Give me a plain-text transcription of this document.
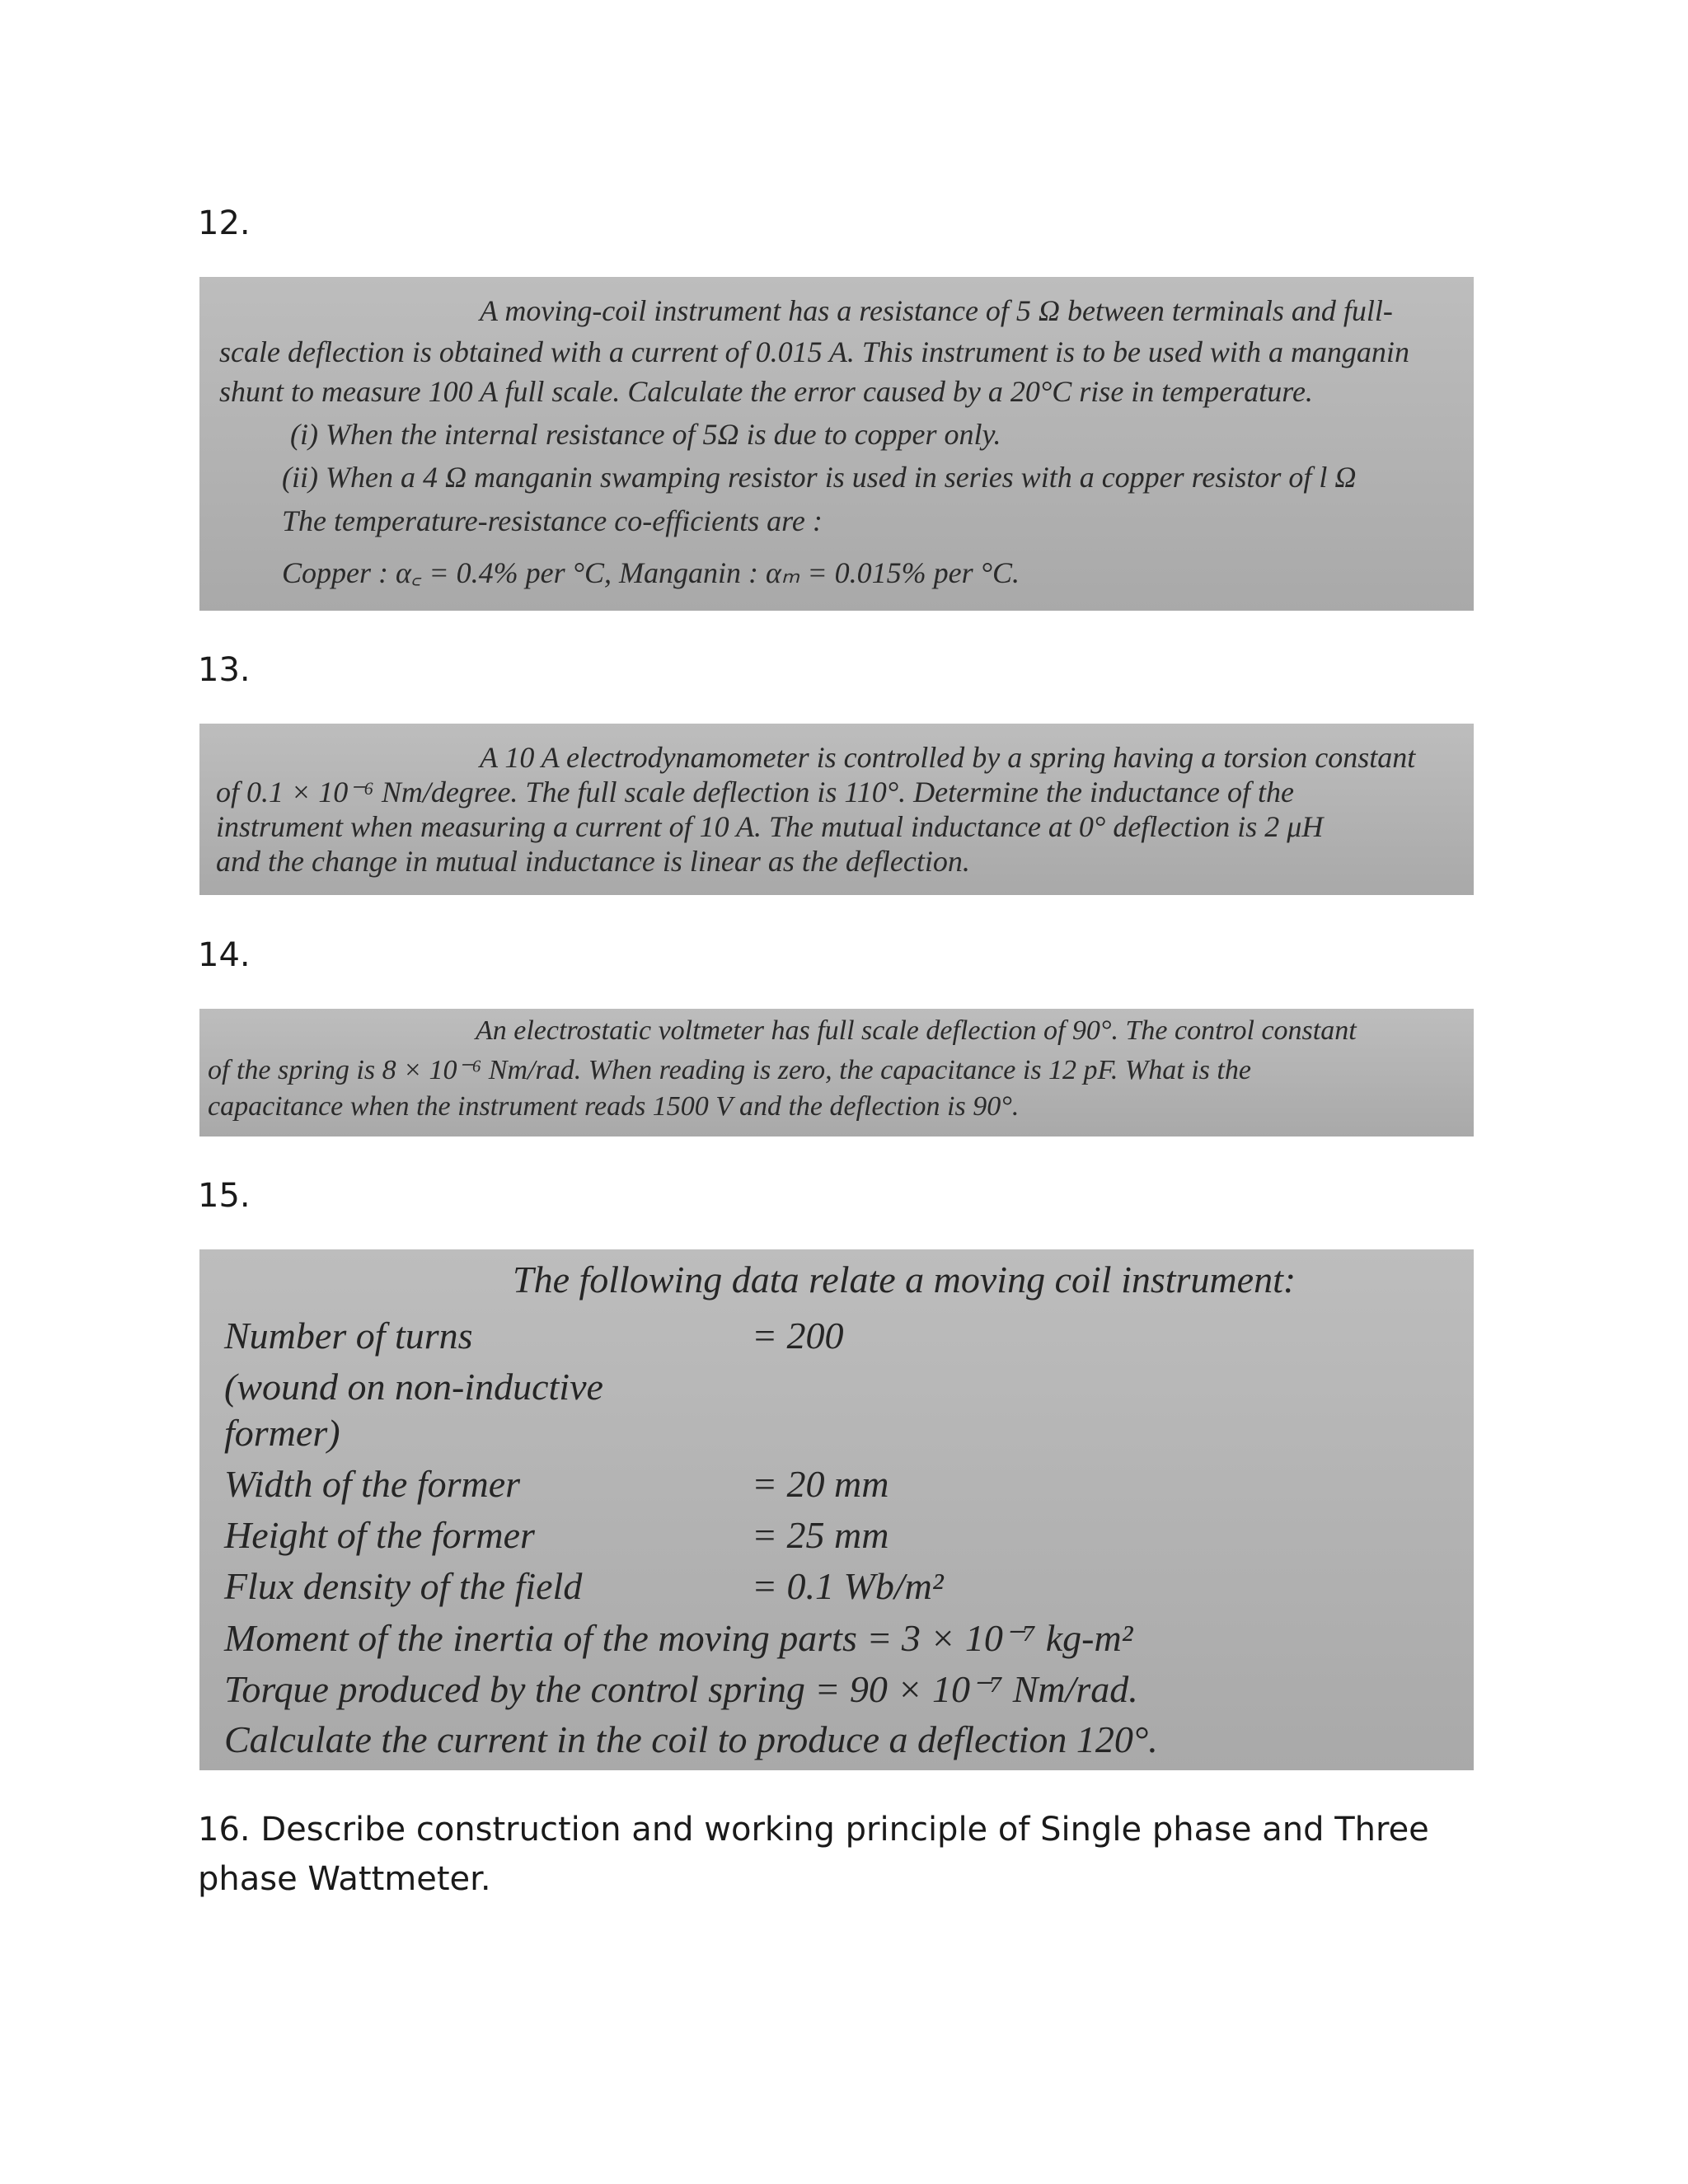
12.
A moving-coil instrument has a resistance of 5 Ω between terminals and full-
scale deflection is obtained with a current of 0.015 A. This instrument is to be used with a manganin
shunt to measure 100 A full scale. Calculate the error caused by a 20°C rise in temperature.
(i) When the internal resistance of 5Ω is due to copper only.
(ii) When a 4 Ω manganin swamping resistor is used in series with a copper resistor of l Ω
The temperature-resistance co-efficients are :
Copper : α꜀ = 0.4% per °C, Manganin : αₘ = 0.015% per °C.
13.
A 10 A electrodynamometer is controlled by a spring having a torsion constant
of 0.1 × 10⁻⁶ Nm/degree. The full scale deflection is 110°. Determine the inductance of the
instrument when measuring a current of 10 A. The mutual inductance at 0° deflection is 2 μH
and the change in mutual inductance is linear as the deflection.
14.
An electrostatic voltmeter has full scale deflection of 90°. The control constant
of the spring is 8 × 10⁻⁶ Nm/rad. When reading is zero, the capacitance is 12 pF. What is the
capacitance when the instrument reads 1500 V and the deflection is 90°.
15.
The following data relate a moving coil instrument:
Number of turns	= 200
(wound on non-inductive
former)
Width of the former	= 20 mm
Height of the former	= 25 mm
Flux density of the field	= 0.1 Wb/m²
Moment of the inertia of the moving parts = 3 × 10⁻⁷ kg-m²
Torque produced by the control spring = 90 × 10⁻⁷ Nm/rad.
Calculate the current in the coil to produce a deflection 120°.
16. Describe construction and working principle of Single phase and Three phase Wattmeter.
